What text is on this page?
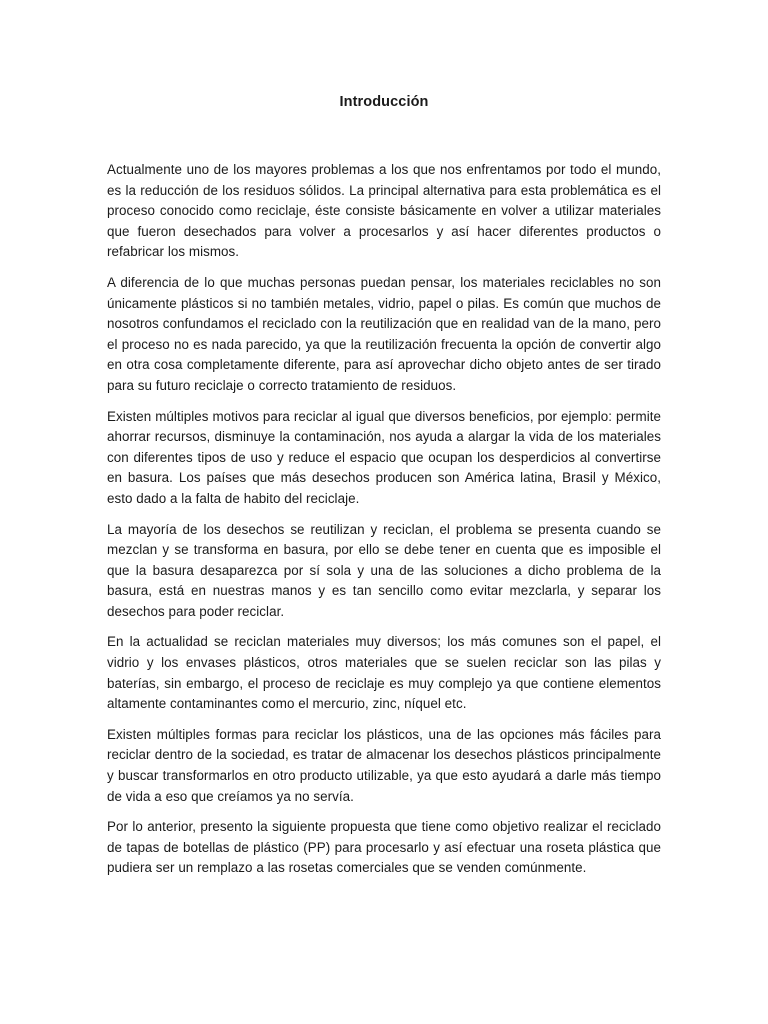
Introducción

Actualmente uno de los mayores problemas a los que nos enfrentamos por todo el mundo, es la reducción de los residuos sólidos. La principal alternativa para esta problemática es el proceso conocido como reciclaje, éste consiste básicamente en volver a utilizar materiales que fueron desechados para volver a procesarlos y así hacer diferentes productos o refabricar los mismos.

A diferencia de lo que muchas personas puedan pensar, los materiales reciclables no son únicamente plásticos si no también metales, vidrio, papel o pilas. Es común que muchos de nosotros confundamos el reciclado con la reutilización que en realidad van de la mano, pero el proceso no es nada parecido, ya que la reutilización frecuenta la opción de convertir algo en otra cosa completamente diferente, para así aprovechar dicho objeto antes de ser tirado para su futuro reciclaje o correcto tratamiento de residuos.

Existen múltiples motivos para reciclar al igual que diversos beneficios, por ejemplo: permite ahorrar recursos, disminuye la contaminación, nos ayuda a alargar la vida de los materiales con diferentes tipos de uso y reduce el espacio que ocupan los desperdicios al convertirse en basura. Los países que más desechos producen son América latina, Brasil y México, esto dado a la falta de habito del reciclaje.

La mayoría de los desechos se reutilizan y reciclan, el problema se presenta cuando se mezclan y se transforma en basura, por ello se debe tener en cuenta que es imposible el que la basura desaparezca por sí sola y una de las soluciones a dicho problema de la basura, está en nuestras manos y es tan sencillo como evitar mezclarla, y separar los desechos para poder reciclar.

En la actualidad se reciclan materiales muy diversos; los más comunes son el papel, el vidrio y los envases plásticos, otros materiales que se suelen reciclar son las pilas y baterías, sin embargo, el proceso de reciclaje es muy complejo ya que contiene elementos altamente contaminantes como el mercurio, zinc, níquel etc.

Existen múltiples formas para reciclar los plásticos, una de las opciones más fáciles para reciclar dentro de la sociedad, es tratar de almacenar los desechos plásticos principalmente y buscar transformarlos en otro producto utilizable, ya que esto ayudará a darle más tiempo de vida a eso que creíamos ya no servía.

Por lo anterior, presento la siguiente propuesta que tiene como objetivo realizar el reciclado de tapas de botellas de plástico (PP) para procesarlo y así efectuar una roseta plástica que pudiera ser un remplazo a las rosetas comerciales que se venden comúnmente.
